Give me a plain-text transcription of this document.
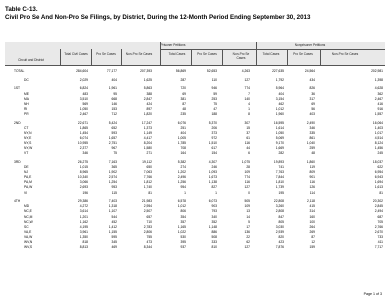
Table C-13.
Civil Pro Se And Non-Pro Se Filings, by District, During the 12-Month Period Ending September 30, 2013
Prisoner Petitions	Nonprisoner Petitions
Circuit and District
Total Civil Cases	Pro Se Cases	Non-Pro Se Cases	Total Cases	Pro Se Cases	Non-Pro Se Cases
Total Cases	Pro Se Cases	Non-Pro Se Cases
TOTAL	284,604	77,177	207,393	56,869	52,653	4,263	227,635	24,564	202,981
DC	2,029	404	1,625	287	110	127	1,792	434	1,398
1ST	6,824	1,961	5,863	720	946	774	5,964	826	4,628
ME	483	95	388	69	59	7	404	36	362
MA	3,510	668	2,847	381	253	140	3,154	317	2,467
NH	569	146	424	87	75	4	462	69	416
RI	1,050	153	897	48	47	1	1,012	56	916
PR	2,467	712	1,820	235	188	8	1,960	403	1,557
2ND	22,671	5,424	17,247	6,076	5,370	307	16,595	2,490	16,064
CT	1,865	652	1,373	251	206	15	1,614	346	1,403
NY,N	1,454	593	1,149	404	373	37	1,050	335	1,017
NY,E	6,074	1,657	4,417	1,005	972	61	5,069	861	4,514
NY,S	10,955	2,751	8,204	1,785	1,510	116	9,170	1,040	8,124
NY,W	2,377	967	1,580	708	617	44	1,669	259	1,456
VT	346	75	271	164	154	6	282	48	245
3RD	26,275	7,163	19,112	5,382	4,307	1,075	19,893	1,860	18,037
DE	1,015	365	650	274	246	28	741	119	622
NJ	8,965	1,902	7,063	1,202	1,093	109	7,763	809	6,954
PA,E	10,340	2,574	7,766	2,496	1,673	774	7,844	901	6,943
PA,M	3,066	1,254	1,812	1,256	1,138	116	1,810	116	1,694
PA,W	2,693	953	1,740	954	827	127	1,739	126	1,613
VI	196	115	81	1	1	0	195	114	81
4TH	29,386	7,403	21,983	6,578	6,073	505	22,808	2,118	20,302
MD	4,272	1,318	2,954	1,012	903	109	3,260	415	2,845
NC,E	3,614	1,107	2,507	806	793	13	2,808	314	2,494
NC,M	1,201	544	657	354	340	14	847	160	687
NC,W	1,162	452	710	357	352	5	805	100	705
SC	4,195	1,412	2,783	1,165	1,148	17	3,030	264	2,766
VA,E	3,961	1,155	2,806	1,022	886	136	2,939	269	2,670
VA,W	1,350	595	755	530	508	22	820	87	733
WV,N	818	345	473	395	333	62	423	12	411
WV,S	8,813	469	8,344	937	810	127	7,876	159	7,717
Page 1 of 3
